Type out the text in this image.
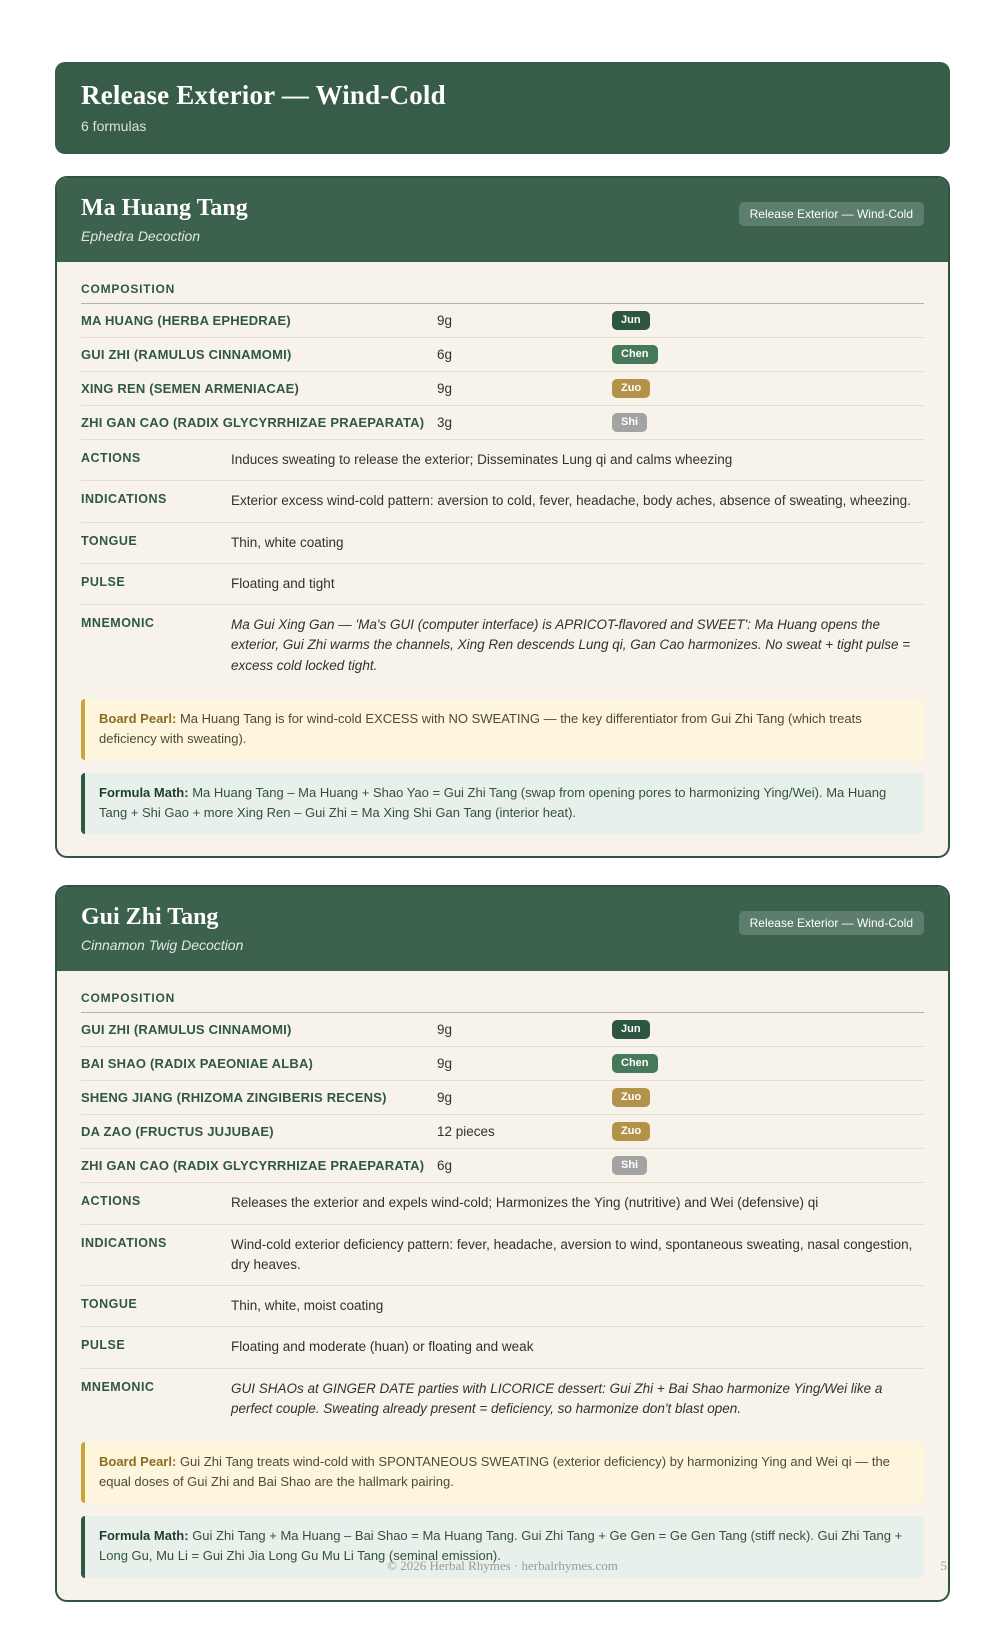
Release Exterior — Wind-Cold
6 formulas
Ma Huang Tang
Ephedra Decoction
Release Exterior — Wind-Cold
COMPOSITION
MA HUANG (HERBA EPHEDRAE)	9g	Jun
GUI ZHI (RAMULUS CINNAMOMI)	6g	Chen
XING REN (SEMEN ARMENIACAE)	9g	Zuo
ZHI GAN CAO (RADIX GLYCYRRHIZAE PRAEPARATA) 3g	Shi
ACTIONS	Induces sweating to release the exterior; Disseminates Lung qi and calms wheezing
INDICATIONS	Exterior excess wind-cold pattern: aversion to cold, fever, headache, body aches, absence of sweating, wheezing.
TONGUE	Thin, white coating
PULSE	Floating and tight
MNEMONIC	Ma Gui Xing Gan — 'Ma's GUI (computer interface) is APRICOT-flavored and SWEET': Ma Huang opens the exterior, Gui Zhi warms the channels, Xing Ren descends Lung qi, Gan Cao harmonizes. No sweat + tight pulse = excess cold locked tight.
Board Pearl: Ma Huang Tang is for wind-cold EXCESS with NO SWEATING — the key differentiator from Gui Zhi Tang (which treats deficiency with sweating).
Formula Math: Ma Huang Tang – Ma Huang + Shao Yao = Gui Zhi Tang (swap from opening pores to harmonizing Ying/Wei). Ma Huang Tang + Shi Gao + more Xing Ren – Gui Zhi = Ma Xing Shi Gan Tang (interior heat).
Gui Zhi Tang
Cinnamon Twig Decoction
Release Exterior — Wind-Cold
COMPOSITION
GUI ZHI (RAMULUS CINNAMOMI)	9g	Jun
BAI SHAO (RADIX PAEONIAE ALBA)	9g	Chen
SHENG JIANG (RHIZOMA ZINGIBERIS RECENS)	9g	Zuo
DA ZAO (FRUCTUS JUJUBAE)	12 pieces	Zuo
ZHI GAN CAO (RADIX GLYCYRRHIZAE PRAEPARATA) 6g	Shi
ACTIONS	Releases the exterior and expels wind-cold; Harmonizes the Ying (nutritive) and Wei (defensive) qi
INDICATIONS	Wind-cold exterior deficiency pattern: fever, headache, aversion to wind, spontaneous sweating, nasal congestion, dry heaves.
TONGUE	Thin, white, moist coating
PULSE	Floating and moderate (huan) or floating and weak
MNEMONIC	GUI SHAOs at GINGER DATE parties with LICORICE dessert: Gui Zhi + Bai Shao harmonize Ying/Wei like a perfect couple. Sweating already present = deficiency, so harmonize don't blast open.
Board Pearl: Gui Zhi Tang treats wind-cold with SPONTANEOUS SWEATING (exterior deficiency) by harmonizing Ying and Wei qi — the equal doses of Gui Zhi and Bai Shao are the hallmark pairing.
Formula Math: Gui Zhi Tang + Ma Huang – Bai Shao = Ma Huang Tang. Gui Zhi Tang + Ge Gen = Ge Gen Tang (stiff neck). Gui Zhi Tang + Long Gu, Mu Li = Gui Zhi Jia Long Gu Mu Li Tang (seminal emission).
© 2026 Herbal Rhymes · herbalrhymes.com	5
